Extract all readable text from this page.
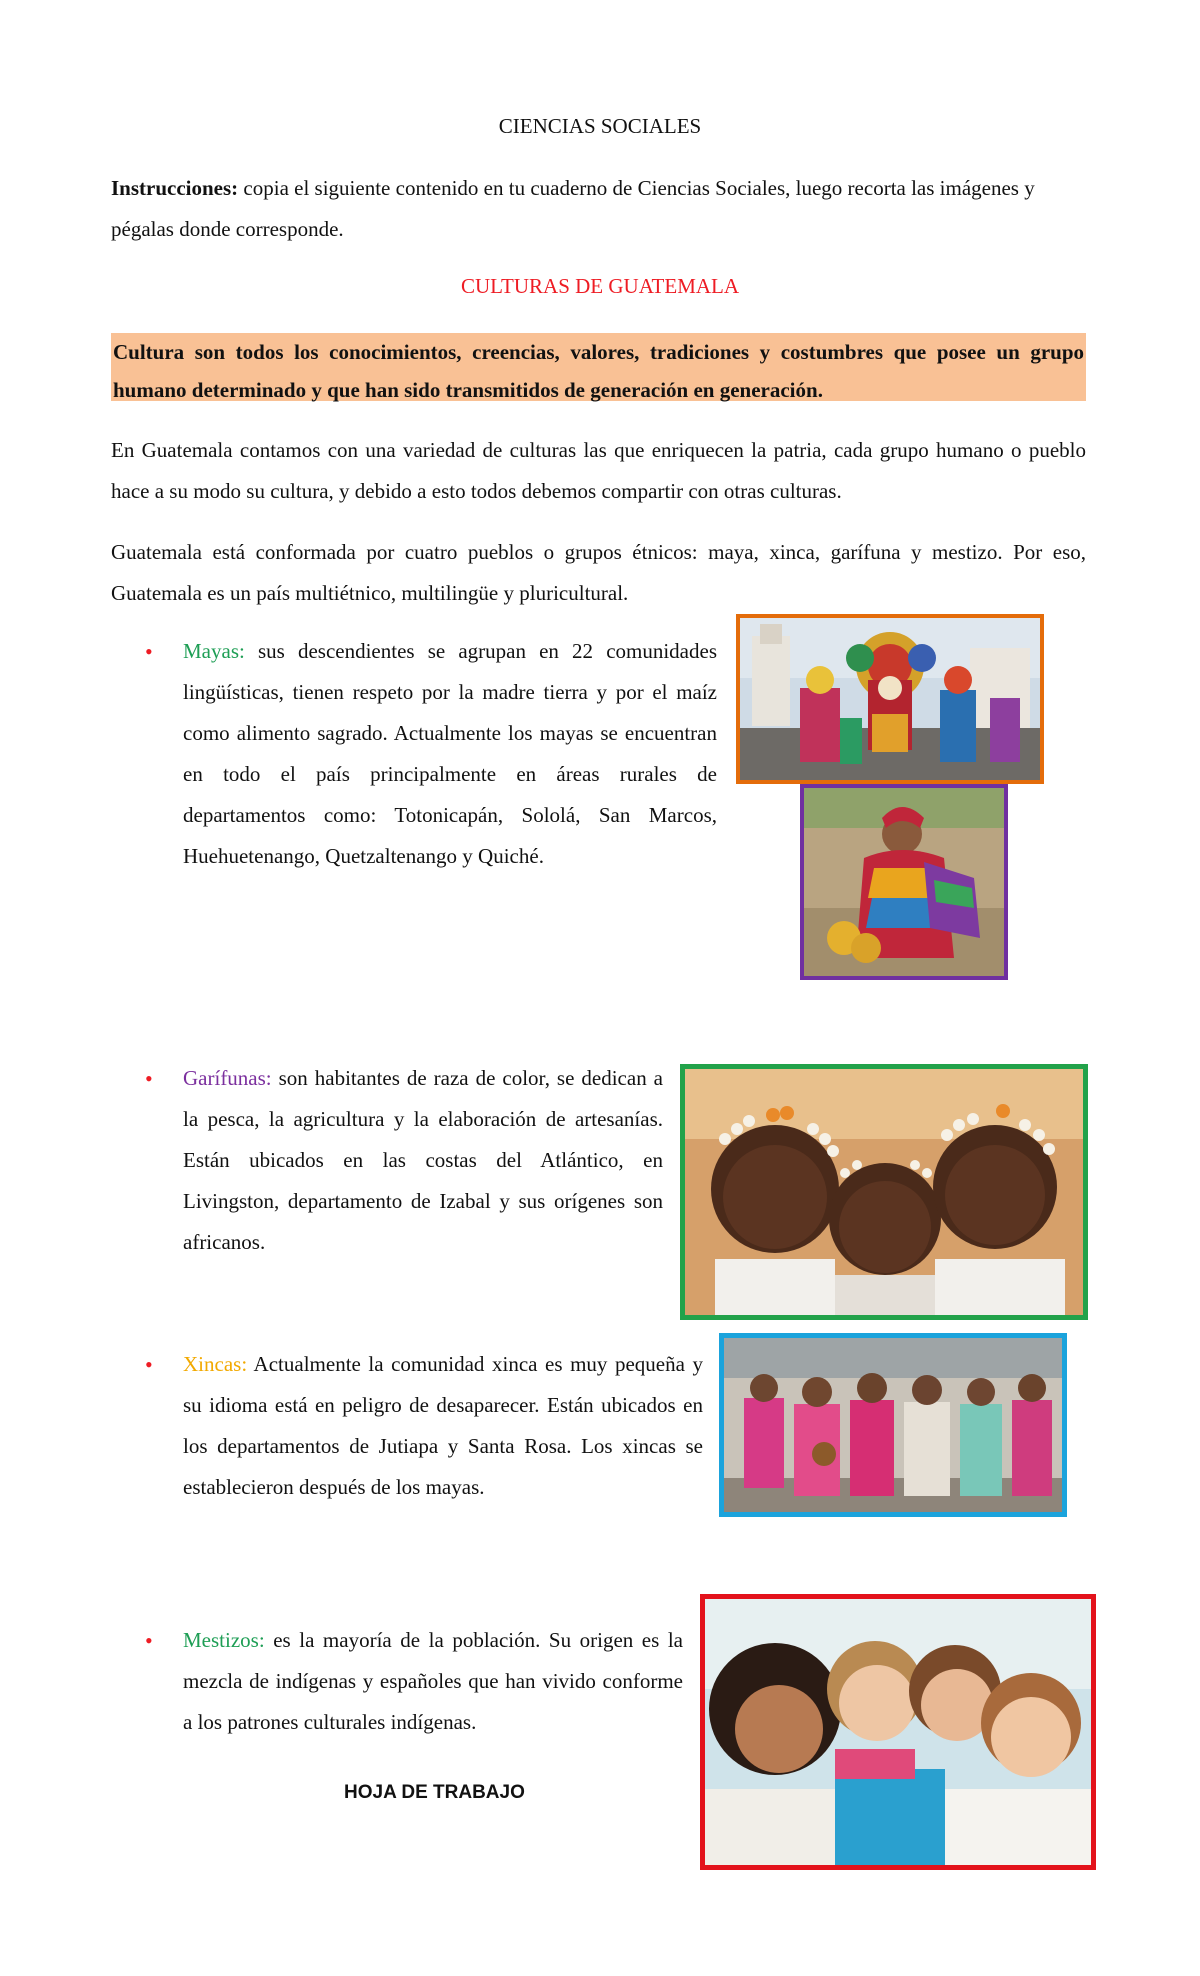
CIENCIAS SOCIALES
Instrucciones: copia el siguiente contenido en tu cuaderno de Ciencias Sociales, luego recorta las imágenes y pégalas donde corresponde.
CULTURAS DE GUATEMALA
Cultura son todos los conocimientos, creencias, valores, tradiciones y costumbres que posee un grupo humano determinado y que han sido transmitidos de generación en generación.
En Guatemala contamos con una variedad de culturas las que enriquecen la patria, cada grupo humano o pueblo hace a su modo su cultura, y debido a esto todos debemos compartir con otras culturas.
Guatemala está conformada por cuatro pueblos o grupos étnicos: maya, xinca, garífuna y mestizo. Por eso, Guatemala es un país multiétnico, multilingüe y pluricultural.
• Mayas: sus descendientes se agrupan en 22 comunidades lingüísticas, tienen respeto por la madre tierra y por el maíz como alimento sagrado. Actualmente los mayas se encuentran en todo el país principalmente en áreas rurales de departamentos como: Totonicapán, Sololá, San Marcos, Huehuetenango, Quetzaltenango y Quiché.
• Garífunas: son habitantes de raza de color, se dedican a la pesca, la agricultura y la elaboración de artesanías. Están ubicados en las costas del Atlántico, en Livingston, departamento de Izabal y sus orígenes son africanos.
• Xincas: Actualmente la comunidad xinca es muy pequeña y su idioma está en peligro de desaparecer. Están ubicados en los departamentos de Jutiapa y Santa Rosa. Los xincas se establecieron después de los mayas.
• Mestizos: es la mayoría de la población. Su origen es la mezcla de indígenas y españoles que han vivido conforme a los patrones culturales indígenas.
HOJA DE TRABAJO
